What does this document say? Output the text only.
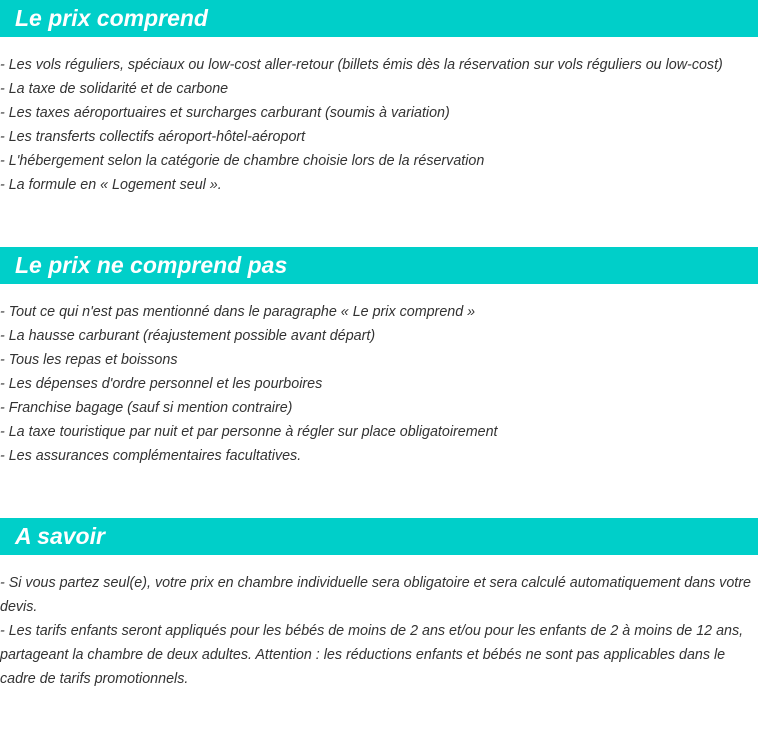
Le prix comprend
- Les vols réguliers, spéciaux ou low-cost aller-retour (billets émis dès la réservation sur vols réguliers ou low-cost)
- La taxe de solidarité et de carbone
- Les taxes aéroportuaires et surcharges carburant (soumis à variation)
- Les transferts collectifs aéroport-hôtel-aéroport
- L'hébergement selon la catégorie de chambre choisie lors de la réservation
- La formule en « Logement seul ».
Le prix ne comprend pas
- Tout ce qui n'est pas mentionné dans le paragraphe « Le prix comprend »
- La hausse carburant (réajustement possible avant départ)
- Tous les repas et boissons
- Les dépenses d'ordre personnel et les pourboires
- Franchise bagage (sauf si mention contraire)
- La taxe touristique par nuit et par personne à régler sur place obligatoirement
- Les assurances complémentaires facultatives.
A savoir
- Si vous partez seul(e), votre prix en chambre individuelle sera obligatoire et sera calculé automatiquement dans votre devis.
- Les tarifs enfants seront appliqués pour les bébés de moins de 2 ans et/ou pour les enfants de 2 à moins de 12 ans, partageant la chambre de deux adultes. Attention : les réductions enfants et bébés ne sont pas applicables dans le cadre de tarifs promotionnels.
